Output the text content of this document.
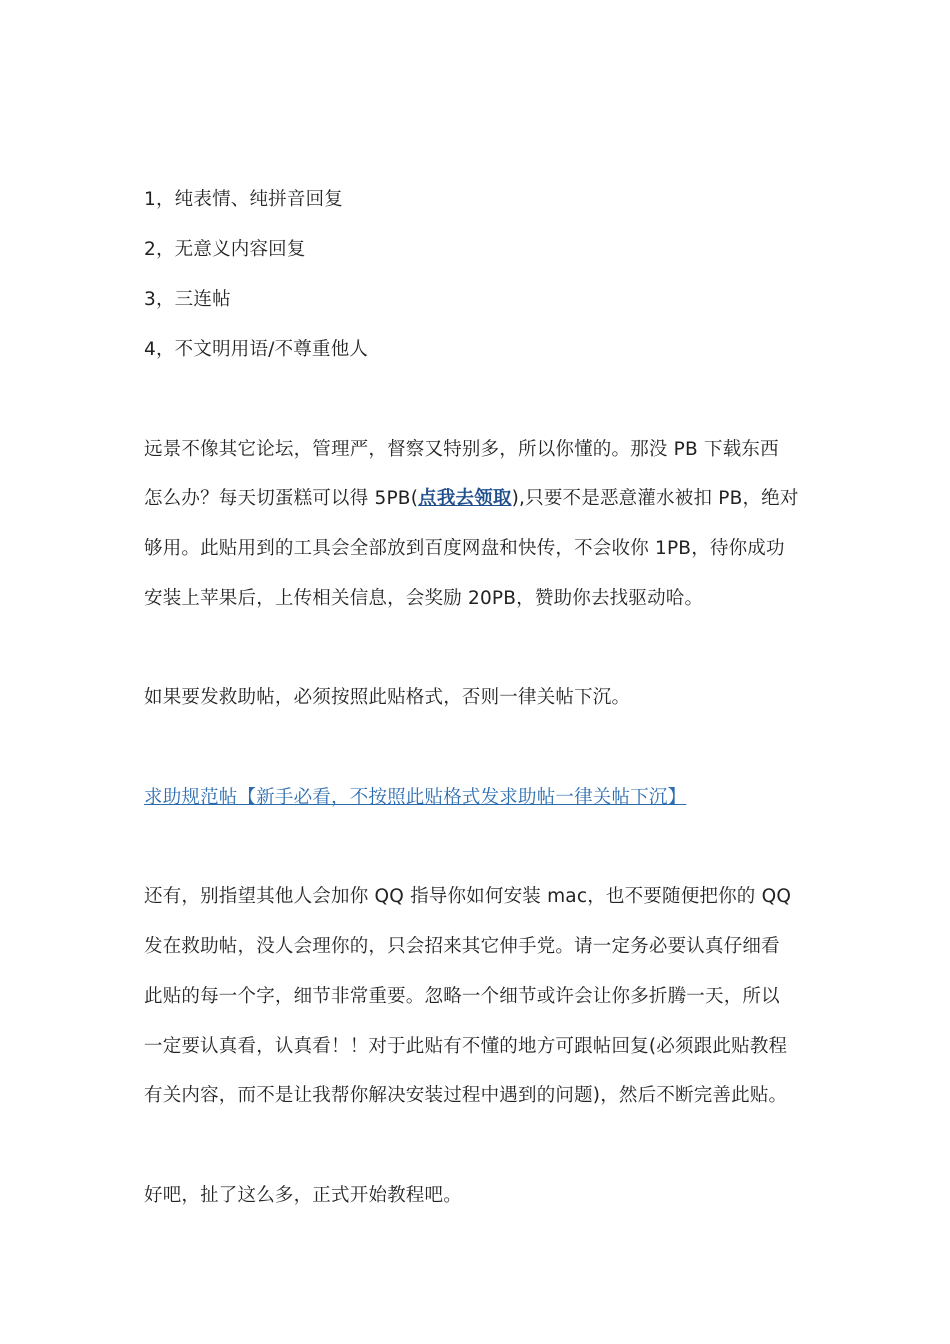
1，纯表情、纯拼音回复
2，无意义内容回复
3，三连帖
4，不文明用语/不尊重他人
远景不像其它论坛，管理严，督察又特别多，所以你懂的。那没 PB 下载东西
怎么办？每天切蛋糕可以得 5PB(点我去领取),只要不是恶意灌水被扣 PB，绝对
够用。此贴用到的工具会全部放到百度网盘和快传，不会收你 1PB，待你成功
安装上苹果后，上传相关信息，会奖励 20PB，赞助你去找驱动哈。
如果要发救助帖，必须按照此贴格式，否则一律关帖下沉。
求助规范帖【新手必看，不按照此贴格式发求助帖一律关帖下沉】
还有，别指望其他人会加你 QQ 指导你如何安装 mac，也不要随便把你的 QQ
发在救助帖，没人会理你的，只会招来其它伸手党。请一定务必要认真仔细看
此贴的每一个字，细节非常重要。忽略一个细节或许会让你多折腾一天，所以
一定要认真看，认真看！！对于此贴有不懂的地方可跟帖回复(必须跟此贴教程
有关内容，而不是让我帮你解决安装过程中遇到的问题)，然后不断完善此贴。
好吧，扯了这么多，正式开始教程吧。
